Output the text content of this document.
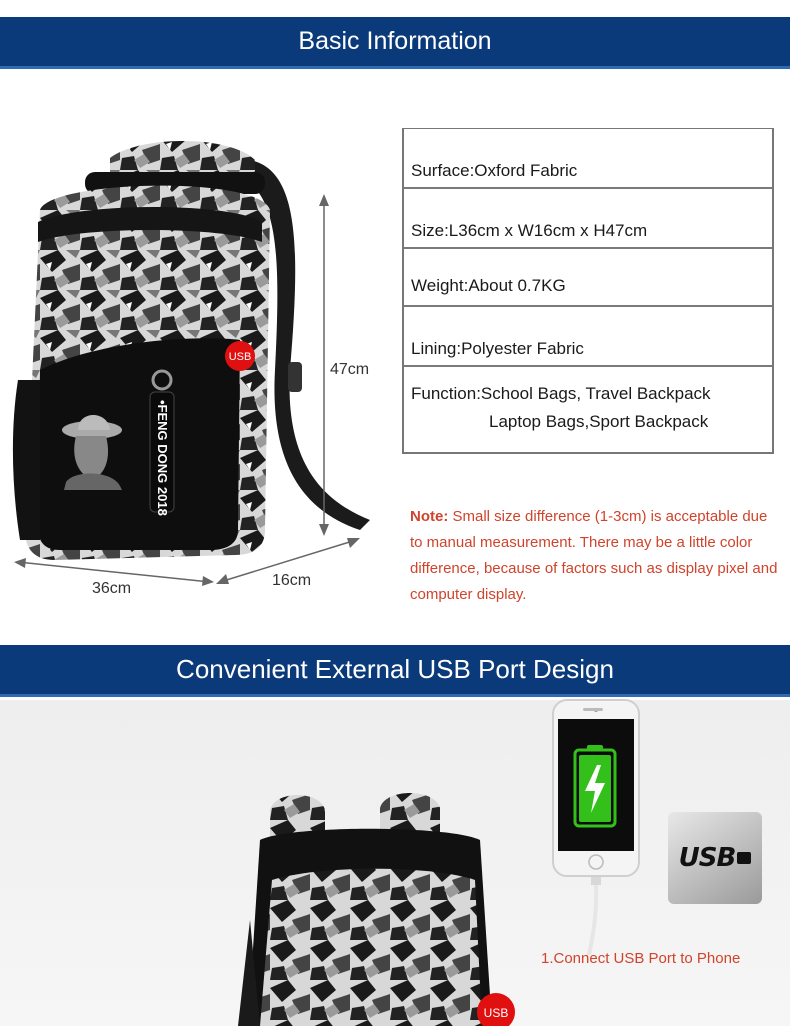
Basic Information
•FENG DONG 2018
USB
47cm
36cm	16cm
Surface:Oxford Fabric
Size:L36cm x W16cm x H47cm
Weight:About 0.7KG
Lining:Polyester Fabric
Function:School Bags, Travel Backpack
Laptop Bags,Sport Backpack
Note: Small size difference (1-3cm) is acceptable due to manual measurement. There may be a little color difference, because of factors such as display pixel and computer display.
Convenient External USB Port Design
USB
USB
1.Connect USB Port to Phone
